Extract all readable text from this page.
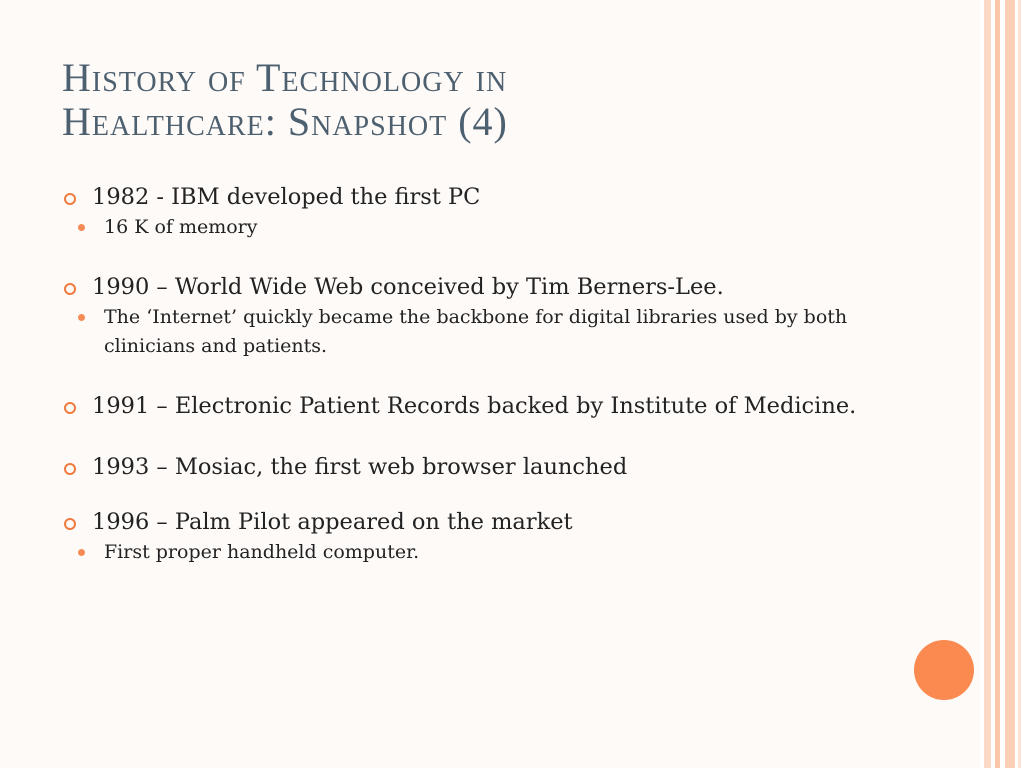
History of Technology in
Healthcare: Snapshot (4)
1982 - IBM developed the first PC
16 K of memory
1990 – World Wide Web conceived by Tim Berners-Lee.
The ‘Internet’ quickly became the backbone for digital libraries used by both clinicians and patients.
1991 – Electronic Patient Records backed by Institute of Medicine.
1993 – Mosiac, the first web browser launched
1996 – Palm Pilot appeared on the market
First proper handheld computer.
